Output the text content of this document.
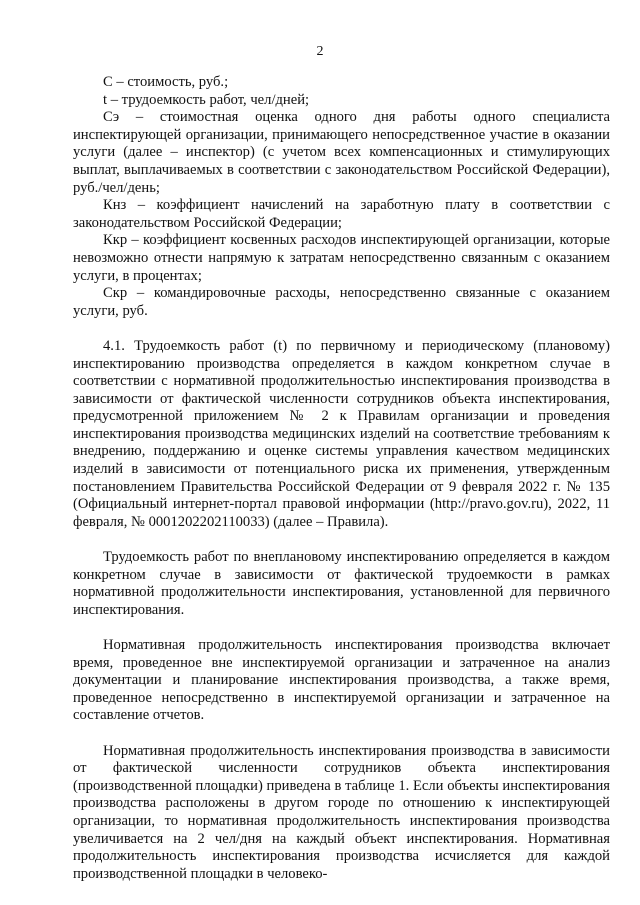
2

С – стоимость, руб.;

t – трудоемкость работ, чел/дней;

Сэ – стоимостная оценка одного дня работы одного специалиста инспектирующей организации, принимающего непосредственное участие в оказании услуги (далее – инспектор) (с учетом всех компенсационных и стимулирующих выплат, выплачиваемых в соответствии с законодательством Российской Федерации), руб./чел/день;

Кнз – коэффициент начислений на заработную плату в соответствии с законодательством Российской Федерации;

Ккр – коэффициент косвенных расходов инспектирующей организации, которые невозможно отнести напрямую к затратам непосредственно связанным с оказанием услуги, в процентах;

Скр – командировочные расходы, непосредственно связанные с оказанием услуги, руб.

4.1. Трудоемкость работ (t) по первичному и периодическому (плановому) инспектированию производства определяется в каждом конкретном случае в соответствии с нормативной продолжительностью инспектирования производства в зависимости от фактической численности сотрудников объекта инспектирования, предусмотренной приложением № 2 к Правилам организации и проведения инспектирования производства медицинских изделий на соответствие требованиям к внедрению, поддержанию и оценке системы управления качеством медицинских изделий в зависимости от потенциального риска их применения, утвержденным постановлением Правительства Российской Федерации от 9 февраля 2022 г. № 135 (Официальный интернет-портал правовой информации (http://pravo.gov.ru), 2022, 11 февраля, № 0001202202110033) (далее – Правила).

Трудоемкость работ по внеплановому инспектированию определяется в каждом конкретном случае в зависимости от фактической трудоемкости в рамках нормативной продолжительности инспектирования, установленной для первичного инспектирования.

Нормативная продолжительность инспектирования производства включает время, проведенное вне инспектируемой организации и затраченное на анализ документации и планирование инспектирования производства, а также время, проведенное непосредственно в инспектируемой организации и затраченное на составление отчетов.

Нормативная продолжительность инспектирования производства в зависимости от фактической численности сотрудников объекта инспектирования (производственной площадки) приведена в таблице 1. Если объекты инспектирования производства расположены в другом городе по отношению к инспектирующей организации, то нормативная продолжительность инспектирования производства увеличивается на 2 чел/дня на каждый объект инспектирования. Нормативная продолжительность инспектирования производства исчисляется для каждой производственной площадки в человеко-
